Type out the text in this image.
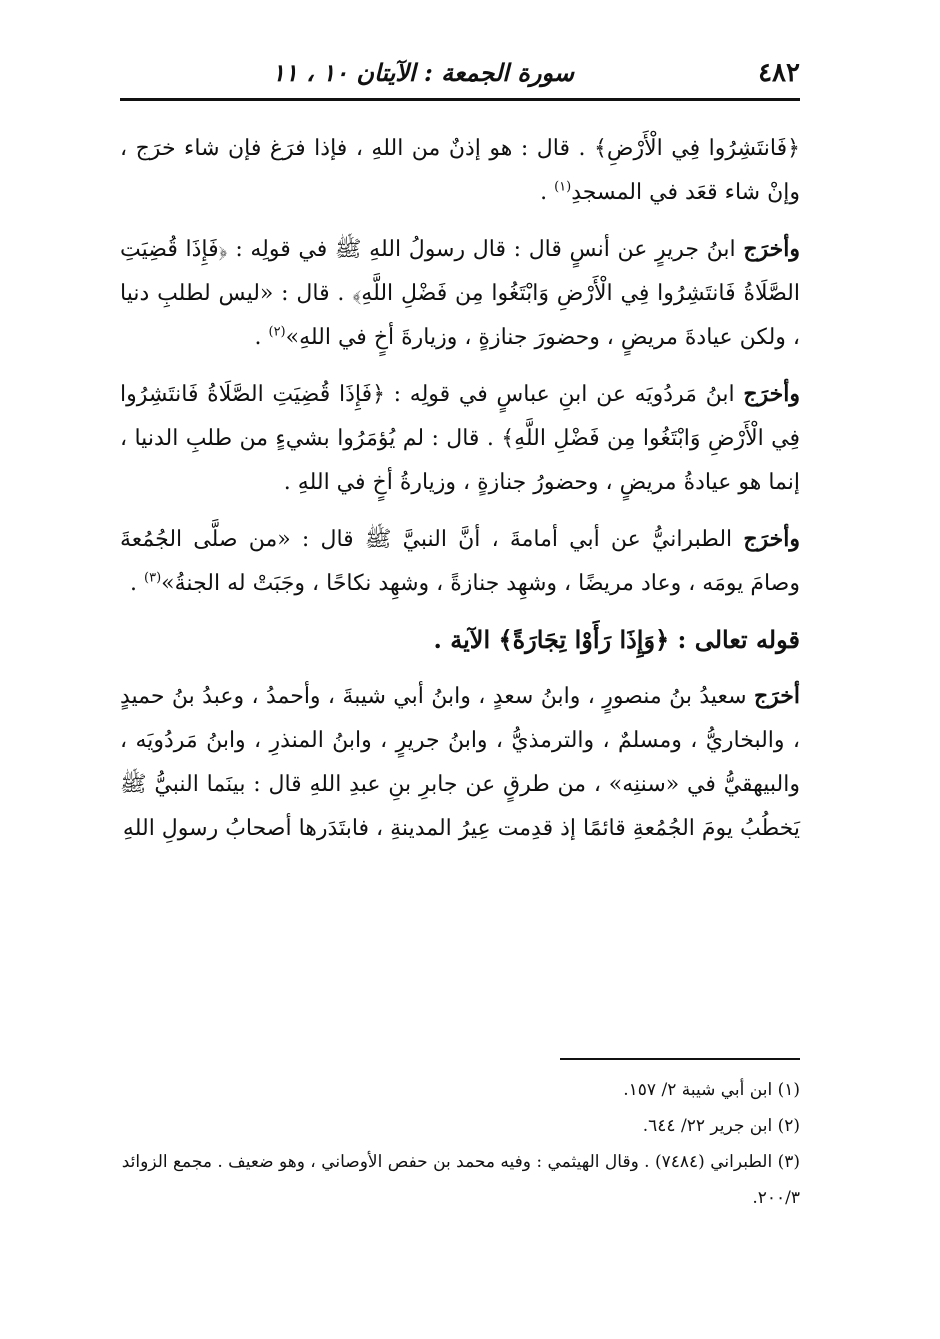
٤٨٢
سورة الجمعة : الآيتان ١٠ ، ١١

﴿فَانتَشِرُوا فِي الْأَرْضِ﴾ . قال : هو إذنٌ من اللهِ ، فإذا فرَغ فإن شاء خرَج ، وإنْ شاء قعَد في المسجدِ$^{(١)}$ .

وأخرَج ابنُ جريرٍ عن أنسٍ قال : قال رسولُ اللهِ ﷺ في قولِه : ﴿فَإِذَا قُضِيَتِ الصَّلَاةُ فَانتَشِرُوا فِي الْأَرْضِ وَابْتَغُوا مِن فَضْلِ اللَّهِ﴾ . قال : «ليس لطلبِ دنيا ، ولكن عيادةَ مريضٍ ، وحضورَ جنازةٍ ، وزيارةَ أخٍ في اللهِ»$^{(٢)}$ .

وأخرَج ابنُ مَردُويَه عن ابنِ عباسٍ في قولِه : ﴿فَإِذَا قُضِيَتِ الصَّلَاةُ فَانتَشِرُوا فِي الْأَرْضِ وَابْتَغُوا مِن فَضْلِ اللَّهِ﴾ . قال : لم يُؤمَرُوا بشيءٍ من طلبِ الدنيا ، إنما هو عيادةُ مريضٍ ، وحضورُ جنازةٍ ، وزيارةُ أخٍ في اللهِ .

وأخرَج الطبرانيُّ عن أبي أمامةَ ، أنَّ النبيَّ ﷺ قال : «من صلَّى الجُمُعةَ وصامَ يومَه ، وعاد مريضًا ، وشهِد جنازةً ، وشهِد نكاحًا ، وجَبَتْ له الجنةُ»$^{(٣)}$ .

قوله تعالى : ﴿وَإِذَا رَأَوْا تِجَارَةً﴾ الآية .

أخرَج سعيدُ بنُ منصورٍ ، وابنُ سعدٍ ، وابنُ أبي شيبةَ ، وأحمدُ ، وعبدُ بنُ حميدٍ ، والبخاريُّ ، ومسلمٌ ، والترمذيُّ ، وابنُ جريرٍ ، وابنُ المنذرِ ، وابنُ مَردُويَه ، والبيهقيُّ في «سننِه» ، من طرقٍ عن جابرِ بنِ عبدِ اللهِ قال : بينَما النبيُّ ﷺ يَخطُبُ يومَ الجُمُعةِ قائمًا إذ قدِمت عِيرُ المدينةِ ، فابتَدَرها أصحابُ رسولِ اللهِ

(١) ابن أبي شيبة ٢/ ١٥٧.

(٢) ابن جرير ٢٢/ ٦٤٤.

(٣) الطبراني (٧٤٨٤) . وقال الهيثمي : وفيه محمد بن حفص الأوصاني ، وهو ضعيف . مجمع الزوائد ٢٠٠/٣.
